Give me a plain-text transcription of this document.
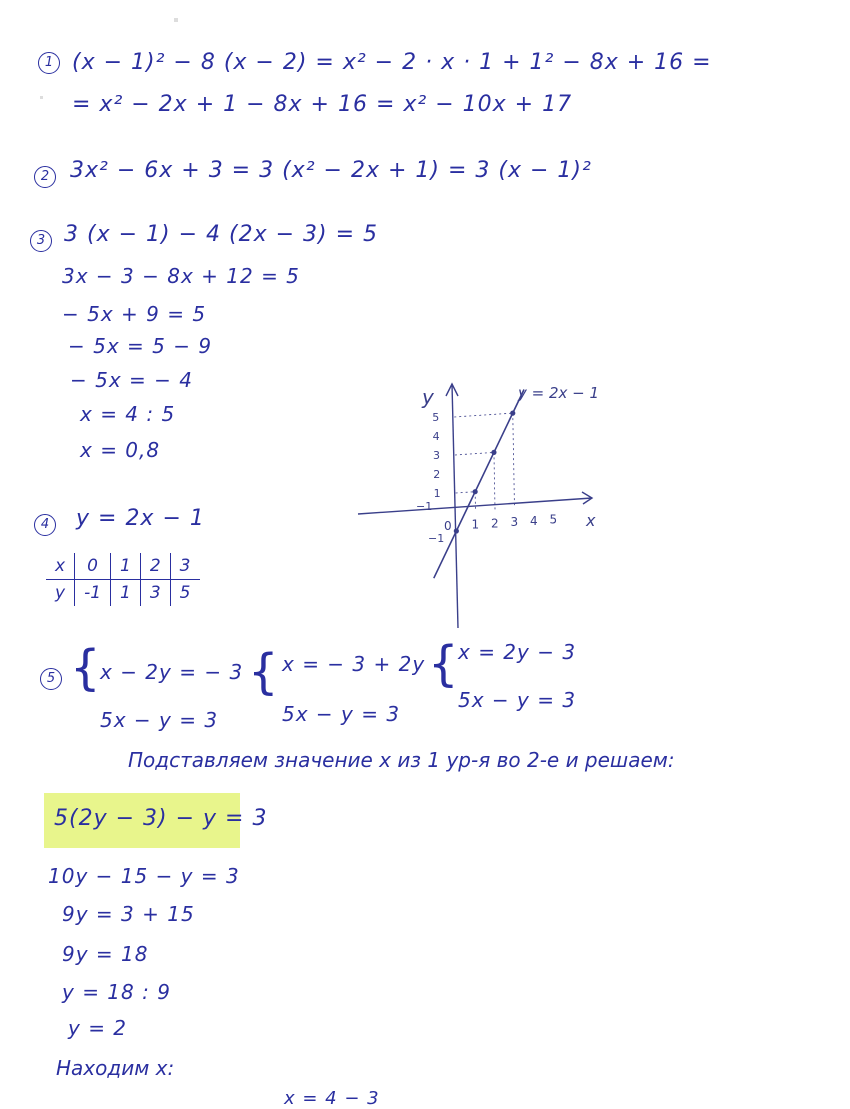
1 (x − 1)² − 8 (x − 2) = x² − 2 · x · 1 + 1² − 8x + 16 =
= x² − 2x + 1 − 8x + 16 = x² − 10x + 17
2 3x² − 6x + 3 = 3 (x² − 2x + 1) = 3 (x − 1)²
3 3 (x − 1) − 4 (2x − 3) = 5
3x − 3 − 8x + 12 = 5
− 5x + 9 = 5
− 5x = 5 − 9
− 5x = − 4
x = 4 : 5
x = 0,8
4	y = 2x − 1
x	0	1	2	3
y	-1	1	3	5
0 1 2 3 4 5
1
2
3
4
5
y
x
y = 2x − 1
−1
−1
5 { x − 2y = − 3
5x − y = 3
{ x = − 3 + 2y
5x − y = 3
{ x = 2y − 3
5x − y = 3
Подставляем значение x из 1 ур-я во 2-е и решаем:
5(2y − 3) − y = 3
10y − 15 − y = 3
9y = 3 + 15
9y = 18
y = 18 : 9
y = 2
Находим x:
x = 4 − 3
